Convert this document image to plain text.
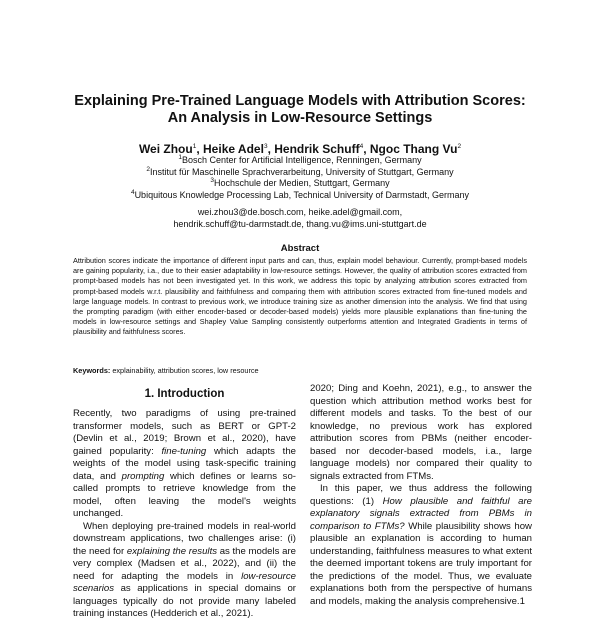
Explaining Pre-Trained Language Models with Attribution Scores:
An Analysis in Low-Resource Settings
Wei Zhou$^1$, Heike Adel$^3$, Hendrik Schuff$^4$, Ngoc Thang Vu$^2$
$^1$Bosch Center for Artificial Intelligence, Renningen, Germany
$^2$Institut für Maschinelle Sprachverarbeitung, University of Stuttgart, Germany
$^3$Hochschule der Medien, Stuttgart, Germany
$^4$Ubiquitous Knowledge Processing Lab, Technical University of Darmstadt, Germany
wei.zhou3@de.bosch.com, heike.adel@gmail.com,
hendrik.schuff@tu-darmstadt.de, thang.vu@ims.uni-stuttgart.de
Abstract
Attribution scores indicate the importance of different input parts and can, thus, explain model behaviour. Currently, prompt-based models are gaining popularity, i.a., due to their easier adaptability in low-resource settings. However, the quality of attribution scores extracted from prompt-based models has not been investigated yet. In this work, we address this topic by analyzing attribution scores extracted from prompt-based models w.r.t. plausibility and faithfulness and comparing them with attribution scores extracted from fine-tuned models and large language models. In contrast to previous work, we introduce training size as another dimension into the analysis. We find that using the prompting paradigm (with either encoder-based or decoder-based models) yields more plausible explanations than fine-tuning the models in low-resource settings and Shapley Value Sampling consistently outperforms attention and Integrated Gradients in terms of plausibility and faithfulness scores.
Keywords: explainability, attribution scores, low resource
1. Introduction

Recently, two paradigms of using pre-trained transformer models, such as BERT or GPT-2 (Devlin et al., 2019; Brown et al., 2020), have gained popularity: fine-tuning which adapts the weights of the model using task-specific training data, and prompting which defines or learns so-called prompts to retrieve knowledge from the model, often leaving the model's weights unchanged.

When deploying pre-trained models in real-world downstream applications, two challenges arise: (i) the need for explaining the results as the models are very complex (Madsen et al., 2022), and (ii) the need for adapting the models in low-resource scenarios as applications in special domains or languages typically do not provide many labeled training instances (Hedderich et al., 2021).

2020; Ding and Koehn, 2021), e.g., to answer the question which attribution method works best for different models and tasks. To the best of our knowledge, no previous work has explored attribution scores from PBMs (neither encoder-based nor decoder-based models, i.a., large language models) nor compared their quality to signals extracted from FTMs.

In this paper, we thus address the following questions: (1) How plausible and faithful are explanatory signals extracted from PBMs in comparison to FTMs? While plausibility shows how plausible an explanation is according to human understanding, faithfulness measures to what extent the deemed important tokens are truly important for the predictions of the model. Thus, we evaluate explanations both from the perspective of humans and models, making the analysis comprehensive.1
